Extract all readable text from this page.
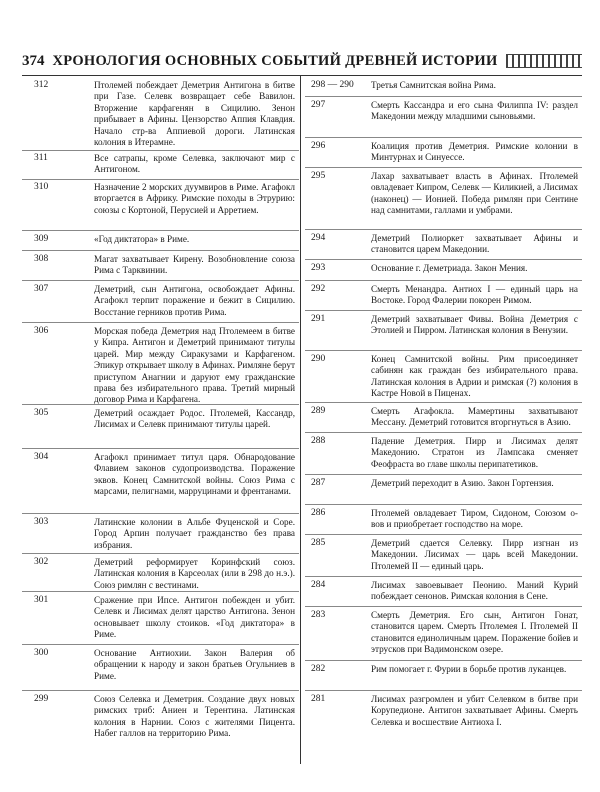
374 ХРОНОЛОГИЯ ОСНОВНЫХ СОБЫТИЙ ДРЕВНЕЙ ИСТОРИИ
312	Птолемей побеждает Деметрия Антигона в битве при Газе. Селевк возвращает себе Вавилон. Вторжение карфагенян в Сицилию. Зенон прибывает в Афины. Цензорство Аппия Клавдия. Начало стр-ва Аппиевой дороги. Латинская колония в Итерамне.
311	Все сатрапы, кроме Селевка, заключают мир с Антигоном.
310	Назначение 2 морских дуумвиров в Риме. Агафокл вторгается в Африку. Римские походы в Этрурию: союзы с Кортоной, Перусией и Арретием.
309	«Год диктатора» в Риме.
308	Магат захватывает Кирену. Возобновление союза Рима с Тарквинии.
307	Деметрий, сын Антигона, освобождает Афины. Агафокл терпит поражение и бежит в Сицилию. Восстание герников против Рима.
306	Морская победа Деметрия над Птолемеем в битве у Кипра. Антигон и Деметрий принимают титулы царей. Мир между Сиракузами и Карфагеном. Эпикур открывает школу в Афинах. Римляне берут приступом Анагнии и даруют ему гражданские права без избирательного права. Третий мирный договор Рима и Карфагена.
305	Деметрий осаждает Родос. Птолемей, Кассандр, Лисимах и Селевк принимают титулы царей.
304	Агафокл принимает титул царя. Обнародование Флавием законов судопроизводства. Поражение эквов. Конец Самнитской войны. Союз Рима с марсами, пелигнами, марруцинами и френтанами.
303	Латинские колонии в Альбе Фуценской и Соре. Город Арпин получает гражданство без права избрания.
302	Деметрий реформирует Коринфский союз. Латинская колония в Карсеолах (или в 298 до н.э.). Союз римлян с вестинами.
301	Сражение при Ипсе. Антигон побежден и убит. Селевк и Лисимах делят царство Антигона. Зенон основывает школу стоиков. «Год диктатора» в Риме.
300	Основание Антиохии. Закон Валерия об обращении к народу и закон братьев Огульниев в Риме.
299	Союз Селевка и Деметрия. Создание двух новых римских триб: Аниен и Терентина. Латинская колония в Нарнии. Союз с жителями Пицента. Набег галлов на территорию Рима.
298 — 290	Третья Самнитская война Рима.
297	Смерть Кассандра и его сына Филиппа IV: раздел Македонии между младшими сыновьями.
296	Коалиция против Деметрия. Римские колонии в Минтурнах и Синуессе.
295	Лахар захватывает власть в Афинах. Птолемей овладевает Кипром, Селевк — Киликией, а Лисимах (наконец) — Ионией. Победа римлян при Сентине над самнитами, галлами и умбрами.
294	Деметрий Полиоркет захватывает Афины и становится царем Македонии.
293	Основание г. Деметриада. Закон Мения.
292	Смерть Менандра. Антиох I — единый царь на Востоке. Город Фалерии покорен Римом.
291	Деметрий захватывает Фивы. Война Деметрия с Этолией и Пирром. Латинская колония в Венузии.
290	Конец Самнитской войны. Рим присоединяет сабинян как граждан без избирательного права. Латинская колония в Адрии и римская (?) колония в Кастре Новой в Пиценах.
289	Смерть Агафокла. Мамертины захватывают Мессану. Деметрий готовится вторгнуться в Азию.
288	Падение Деметрия. Пирр и Лисимах делят Македонию. Стратон из Лампсака сменяет Феофраста во главе школы перипатетиков.
287	Деметрий переходит в Азию. Закон Гортензия.
286	Птолемей овладевает Тиром, Сидоном, Союзом о-вов и приобретает господство на море.
285	Деметрий сдается Селевку. Пирр изгнан из Македонии. Лисимах — царь всей Македонии. Птолемей II — единый царь.
284	Лисимах завоевывает Пеонию. Маний Курий побеждает сенонов. Римская колония в Сене.
283	Смерть Деметрия. Его сын, Антигон Гонат, становится царем. Смерть Птолемея I. Птолемей II становится единоличным царем. Поражение бойев и этрусков при Вадимонском озере.
282	Рим помогает г. Фурии в борьбе против луканцев.
281	Лисимах разгромлен и убит Селевком в битве при Корупедионе. Антигон захватывает Афины. Смерть Селевка и восшествие Антиоха I.
